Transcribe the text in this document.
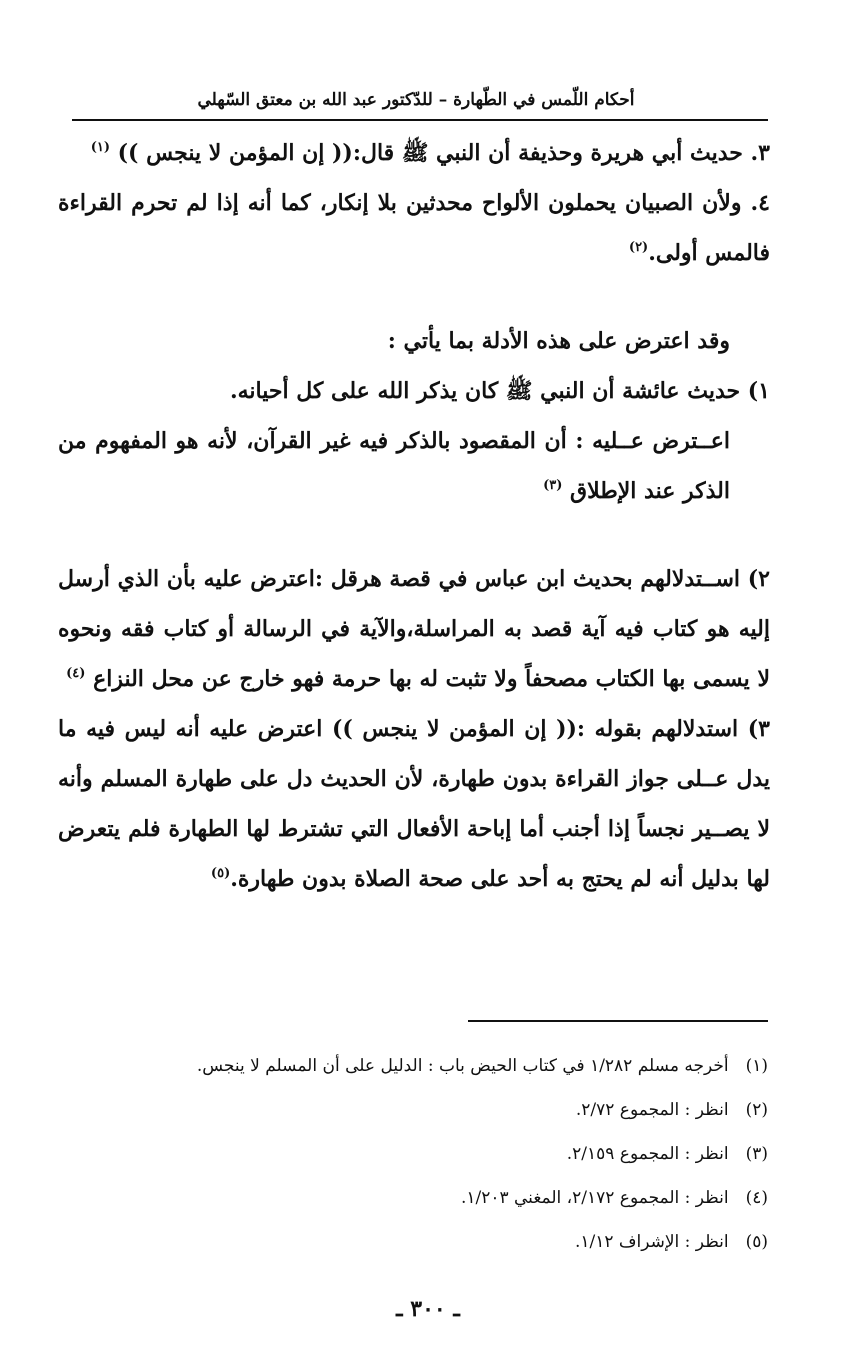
أحكام اللّمس في الطّهارة – للدّكتور عبد الله بن معتق السّهلي

٣. حديث أبي هريرة وحذيفة أن النبي ﷺ قال:(( إن المؤمن لا ينجس )) $^{(١)}$

٤. ولأن الصبيان يحملون الألواح محدثين بلا إنكار، كما أنه إذا لم تحرم القراءة فالمس أولى.$^{(٢)}$

وقد اعترض على هذه الأدلة بما يأتي :

١) حديث عائشة أن النبي ﷺ كان يذكر الله على كل أحيانه.

اعــترض عــليه : أن المقصود بالذكر فيه غير القرآن، لأنه هو المفهوم من الذكر عند الإطلاق $^{(٣)}$

٢) اســتدلالهم بحديث ابن عباس في قصة هرقل :اعترض عليه بأن الذي أرسل إليه هو كتاب فيه آية قصد به المراسلة،والآية في الرسالة أو كتاب فقه ونحوه لا يسمى بها الكتاب مصحفاً ولا تثبت له بها حرمة فهو خارج عن محل النزاع $^{(٤)}$

٣) استدلالهم بقوله :(( إن المؤمن لا ينجس )) اعترض عليه أنه ليس فيه ما يدل عــلى جواز القراءة بدون طهارة، لأن الحديث دل على طهارة المسلم وأنه لا يصــير نجساً إذا أجنب أما إباحة الأفعال التي تشترط لها الطهارة فلم يتعرض لها بدليل أنه لم يحتج به أحد على صحة الصلاة بدون طهارة.$^{(٥)}$

(١) أخرجه مسلم ١/٢٨٢ في كتاب الحيض باب : الدليل على أن المسلم لا ينجس.

(٢) انظر : المجموع ٢/٧٢.

(٣) انظر : المجموع ٢/١٥٩.

(٤) انظر : المجموع ٢/١٧٢، المغني ١/٢٠٣.

(٥) انظر : الإشراف ١/١٢.

ـ ٣٠٠ ـ
